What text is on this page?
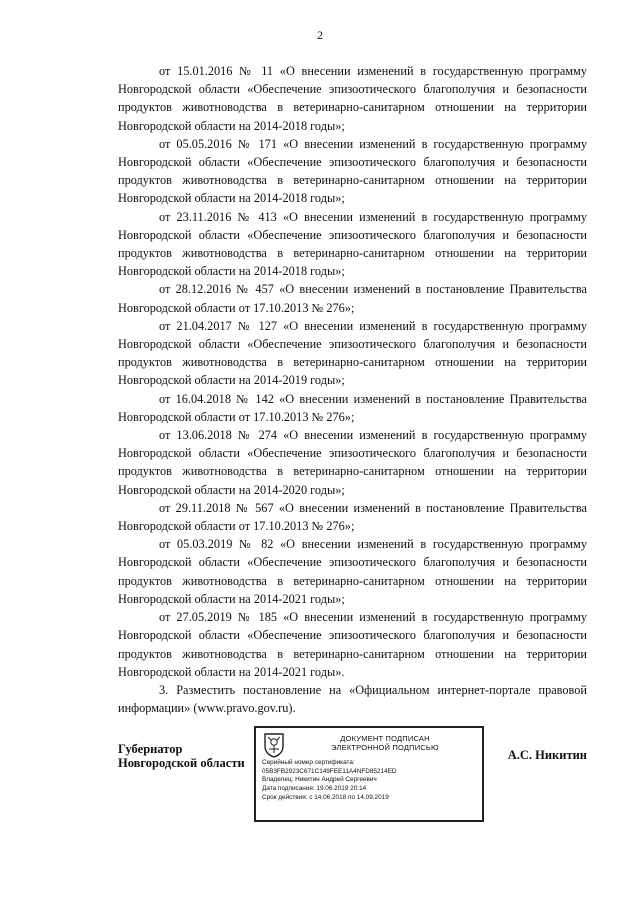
2

от 15.01.2016 № 11 «О внесении изменений в государственную программу Новгородской области «Обеспечение эпизоотического благополучия и безопасности продуктов животноводства в ветеринарно-санитарном отношении на территории Новгородской области на 2014-2018 годы»;

от 05.05.2016 № 171 «О внесении изменений в государственную программу Новгородской области «Обеспечение эпизоотического благополучия и безопасности продуктов животноводства в ветеринарно-санитарном отношении на территории Новгородской области на 2014-2018 годы»;

от 23.11.2016 № 413 «О внесении изменений в государственную программу Новгородской области «Обеспечение эпизоотического благополучия и безопасности продуктов животноводства в ветеринарно-санитарном отношении на территории Новгородской области на 2014-2018 годы»;

от 28.12.2016 № 457 «О внесении изменений в постановление Правительства Новгородской области от 17.10.2013 № 276»;

от 21.04.2017 № 127 «О внесении изменений в государственную программу Новгородской области «Обеспечение эпизоотического благополучия и безопасности продуктов животноводства в ветеринарно-санитарном отношении на территории Новгородской области на 2014-2019 годы»;

от 16.04.2018 № 142 «О внесении изменений в постановление Правительства Новгородской области от 17.10.2013 № 276»;

от 13.06.2018 № 274 «О внесении изменений в государственную программу Новгородской области «Обеспечение эпизоотического благополучия и безопасности продуктов животноводства в ветеринарно-санитарном отношении на территории Новгородской области на 2014-2020 годы»;

от 29.11.2018 № 567 «О внесении изменений в постановление Правительства Новгородской области от 17.10.2013 № 276»;

от 05.03.2019 № 82 «О внесении изменений в государственную программу Новгородской области «Обеспечение эпизоотического благополучия и безопасности продуктов животноводства в ветеринарно-санитарном отношении на территории Новгородской области на 2014-2021 годы»;

от 27.05.2019 № 185 «О внесении изменений в государственную программу Новгородской области «Обеспечение эпизоотического благополучия и безопасности продуктов животноводства в ветеринарно-санитарном отношении на территории Новгородской области на 2014-2021 годы».

3. Разместить постановление на «Официальном интернет-портале правовой информации» (www.pravo.gov.ru).

Губернатор
Новгородской области
ДОКУМЕНТ ПОДПИСАН
ЭЛЕКТРОННОЙ ПОДПИСЬЮ
Серийный номер сертификата:
05B3FB2923C671C149FEE11A4NFD85214ED
Владелец: Никитин Андрей Сергеевич
Дата подписания: 19.06.2019 20:14
Срок действия: с 14.06.2018 по 14.09.2019
А.С. Никитин
